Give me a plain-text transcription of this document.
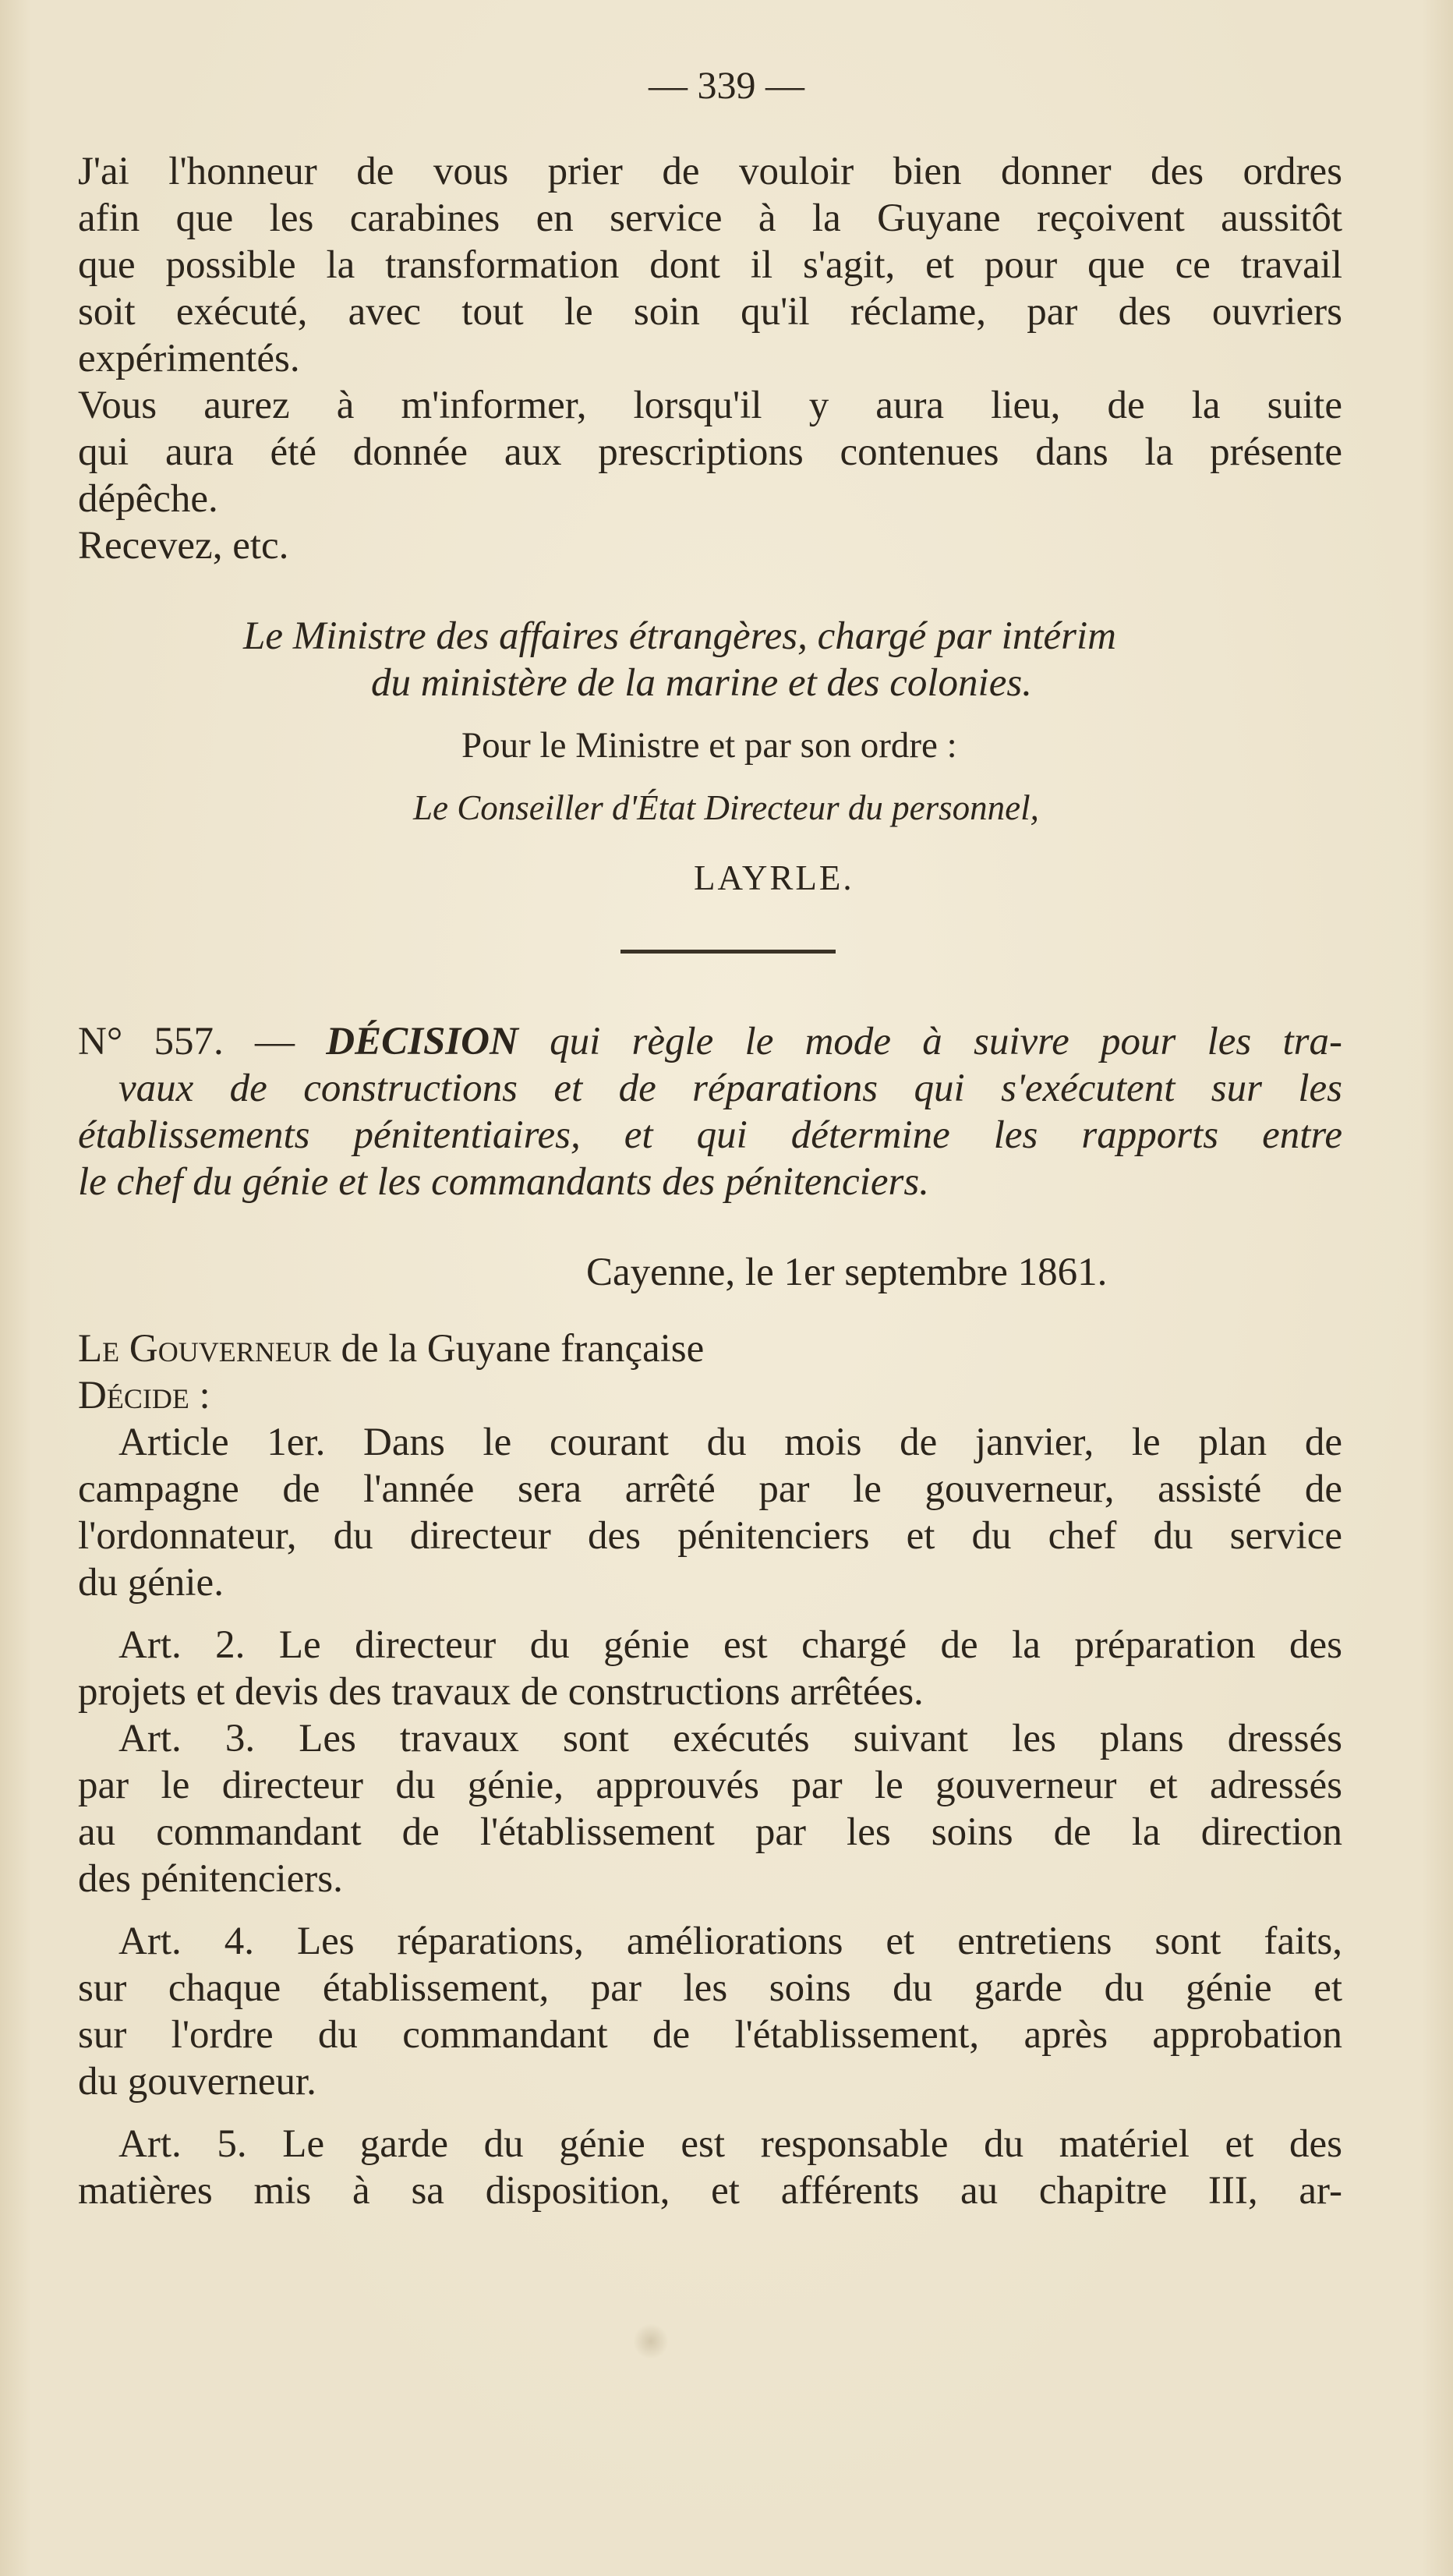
— 339 —
J'ai l'honneur de vous prier de vouloir bien donner des ordres
afin que les carabines en service à la Guyane reçoivent aussitôt
que possible la transformation dont il s'agit, et pour que ce travail
soit exécuté, avec tout le soin qu'il réclame, par des ouvriers
expérimentés.
Vous aurez à m'informer, lorsqu'il y aura lieu, de la suite
qui aura été donnée aux prescriptions contenues dans la présente
dépêche.
Recevez, etc.
Le Ministre des affaires étrangères, chargé par intérim
du ministère de la marine et des colonies.
Pour le Ministre et par son ordre :
Le Conseiller d'État Directeur du personnel,
LAYRLE.
N° 557. — DÉCISION qui règle le mode à suivre pour les tra-
vaux de constructions et de réparations qui s'exécutent sur les
établissements pénitentiaires, et qui détermine les rapports entre
le chef du génie et les commandants des pénitenciers.
Cayenne, le 1er septembre 1861.
Le Gouverneur de la Guyane française
Décide :
Article 1er. Dans le courant du mois de janvier, le plan de
campagne de l'année sera arrêté par le gouverneur, assisté de
l'ordonnateur, du directeur des pénitenciers et du chef du service
du génie.
Art. 2. Le directeur du génie est chargé de la préparation des
projets et devis des travaux de constructions arrêtées.
Art. 3. Les travaux sont exécutés suivant les plans dressés
par le directeur du génie, approuvés par le gouverneur et adressés
au commandant de l'établissement par les soins de la direction
des pénitenciers.
Art. 4. Les réparations, améliorations et entretiens sont faits,
sur chaque établissement, par les soins du garde du génie et
sur l'ordre du commandant de l'établissement, après approbation
du gouverneur.
Art. 5. Le garde du génie est responsable du matériel et des
matières mis à sa disposition, et afférents au chapitre III, ar-
